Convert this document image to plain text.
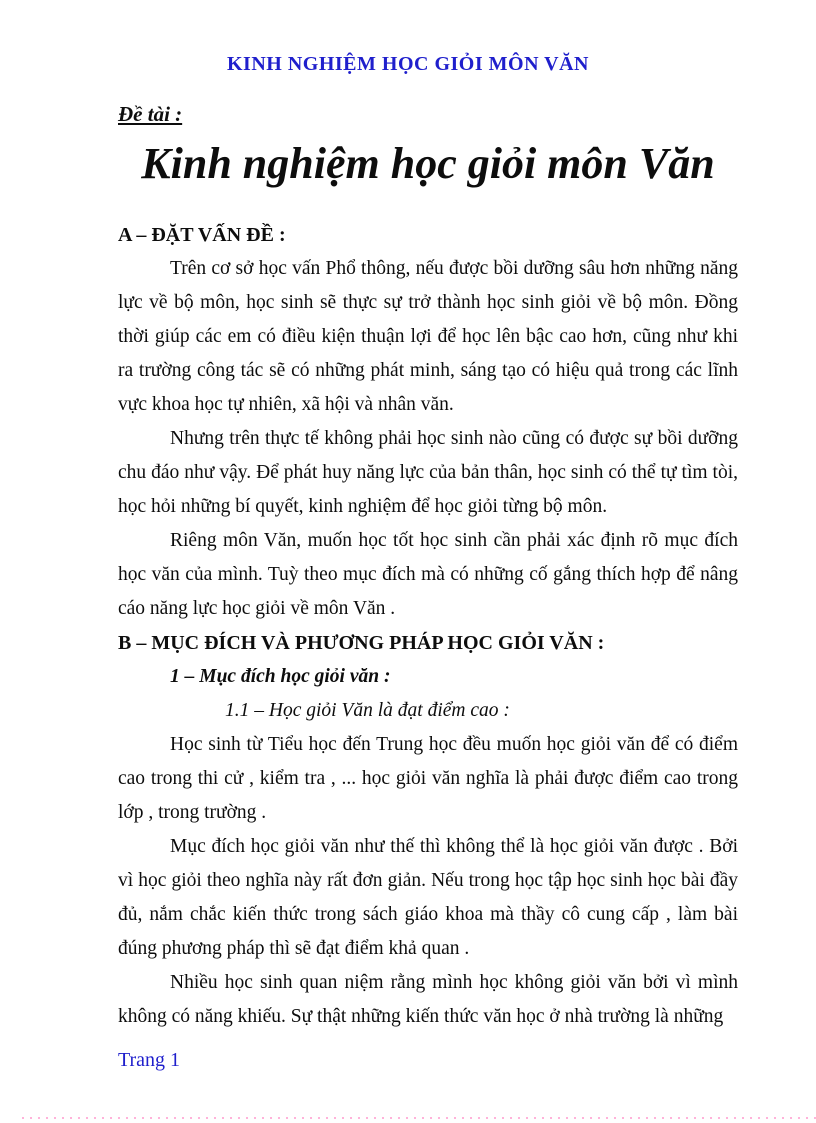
KINH NGHIỆM HỌC GIỎI MÔN VĂN
Đề tài :
Kinh nghiệm học giỏi môn Văn
A – ĐẶT VẤN ĐỀ :
Trên cơ sở học vấn Phổ thông, nếu được bồi dưỡng sâu hơn những năng lực về bộ môn, học sinh sẽ thực sự trở thành học sinh giỏi về bộ môn. Đồng thời giúp các em có điều kiện thuận lợi để học lên bậc cao hơn, cũng như khi ra trường công tác sẽ có những phát minh, sáng tạo có hiệu quả trong các lĩnh vực khoa học tự nhiên, xã hội và nhân văn.
Nhưng trên thực tế không phải học sinh nào cũng có được sự bồi dưỡng chu đáo như vậy. Để phát huy năng lực của bản thân, học sinh có thể tự tìm tòi, học hỏi những bí quyết, kinh nghiệm để học giỏi từng bộ môn.
Riêng môn Văn, muốn học tốt học sinh cần phải xác định rõ mục đích học văn của mình. Tuỳ theo mục đích mà có những cố gắng thích hợp để nâng cáo năng lực học giỏi về môn Văn .
B – MỤC ĐÍCH VÀ PHƯƠNG PHÁP HỌC GIỎI VĂN :
1 – Mục đích học giỏi văn :
1.1 – Học giỏi Văn là đạt điểm cao :
Học sinh từ Tiểu học đến Trung học đều muốn học giỏi văn để có điểm cao trong thi cử , kiểm tra , ... học giỏi văn nghĩa là phải được điểm cao trong lớp , trong trường .
Mục đích học giỏi văn như thế thì không thể là học giỏi văn được . Bởi vì học giỏi theo nghĩa này rất đơn giản. Nếu trong học tập học sinh học bài đầy đủ, nắm chắc kiến thức trong sách giáo khoa mà thầy cô cung cấp , làm bài đúng phương pháp thì sẽ đạt điểm khả quan .
Nhiều học sinh quan niệm rằng mình học không giỏi văn bởi vì mình không có năng khiếu. Sự thật những kiến thức văn học ở nhà trường là những
Trang 1
